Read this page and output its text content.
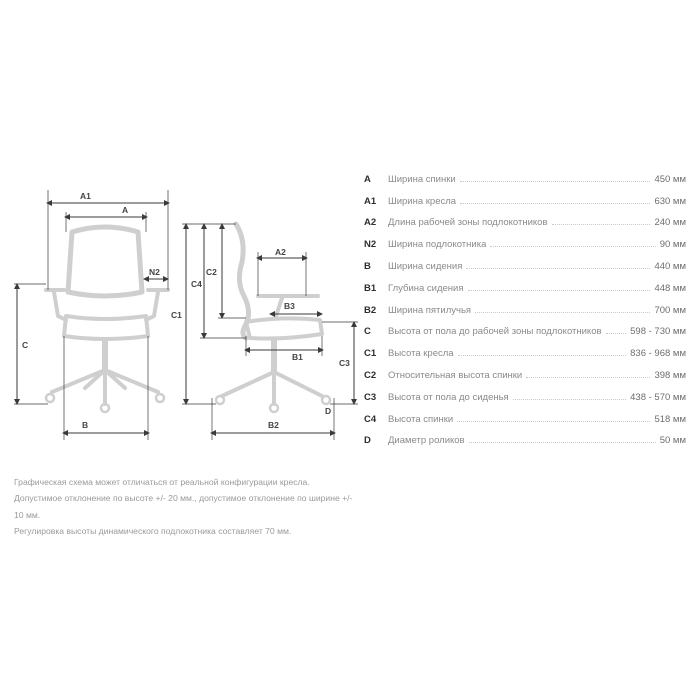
A1
A
N2
C
B
C4
C2
C1
A2
B3
B1
C3
D
B2
A	Ширина спинки	450 мм
A1	Ширина кресла	630 мм
A2	Длина рабочей зоны подлокотников	240 мм
N2	Ширина подлокотника	90 мм
B	Ширина сидения	440 мм
B1	Глубина сидения	448 мм
B2	Ширина пятилучья	700 мм
C	Высота от пола до рабочей зоны подлокотников	598 - 730 мм
C1	Высота кресла	836 - 968 мм
C2	Относительная высота спинки	398 мм
C3	Высота от пола до сиденья	438 - 570 мм
C4	Высота спинки	518 мм
D	Диаметр роликов	50 мм

Графическая схема может отличаться от реальной конфигурации кресла.

Допустимое отклонение по высоте +/- 20 мм., допустимое отклонение по ширине +/- 10 мм.

Регулировка высоты динамического подлокотника составляет 70 мм.
